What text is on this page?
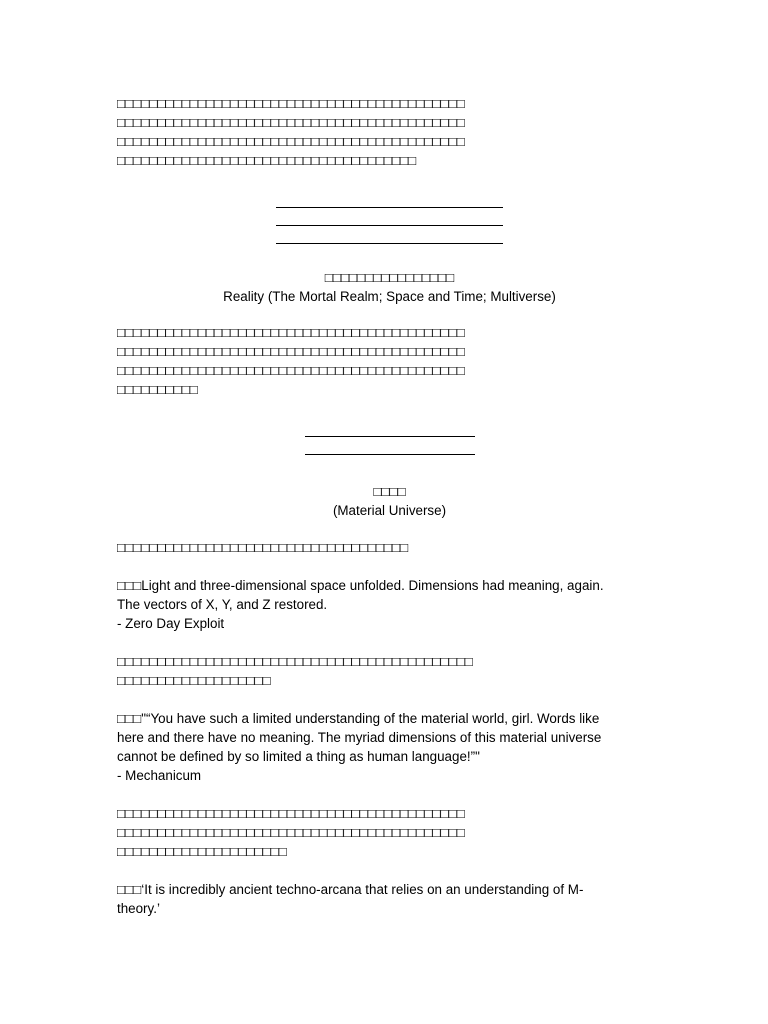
□□□□□□□□□□□□□□□□□□□□□□□□□□□□□□□□□□□□□□□□□□□
□□□□□□□□□□□□□□□□□□□□□□□□□□□□□□□□□□□□□□□□□□□
□□□□□□□□□□□□□□□□□□□□□□□□□□□□□□□□□□□□□□□□□□□
□□□□□□□□□□□□□□□□□□□□□□□□□□□□□□□□□□□□□

□□□□□□□□□□□□□□□□
Reality (The Mortal Realm; Space and Time; Multiverse)

□□□□□□□□□□□□□□□□□□□□□□□□□□□□□□□□□□□□□□□□□□□
□□□□□□□□□□□□□□□□□□□□□□□□□□□□□□□□□□□□□□□□□□□
□□□□□□□□□□□□□□□□□□□□□□□□□□□□□□□□□□□□□□□□□□□
□□□□□□□□□□

□□□□
(Material Universe)

□□□□□□□□□□□□□□□□□□□□□□□□□□□□□□□□□□□□

□□□Light and three-dimensional space unfolded. Dimensions had meaning, again.
The vectors of X, Y, and Z restored.

- Zero Day Exploit

□□□□□□□□□□□□□□□□□□□□□□□□□□□□□□□□□□□□□□□□□□□□
□□□□□□□□□□□□□□□□□□□

□□□"“You have such a limited understanding of the material world, girl. Words like
here and there have no meaning. The myriad dimensions of this material universe
cannot be defined by so limited a thing as human language!”"

- Mechanicum

□□□□□□□□□□□□□□□□□□□□□□□□□□□□□□□□□□□□□□□□□□□
□□□□□□□□□□□□□□□□□□□□□□□□□□□□□□□□□□□□□□□□□□□
□□□□□□□□□□□□□□□□□□□□□

□□□‘It is incredibly ancient techno-arcana that relies on an understanding of M-
theory.’
